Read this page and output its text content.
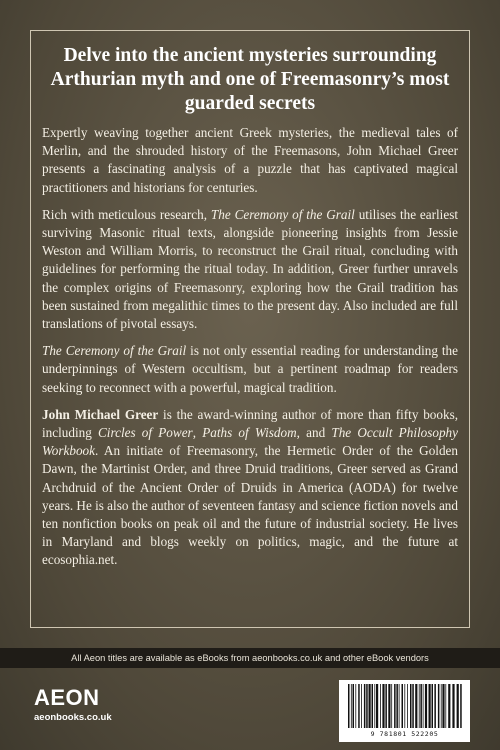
Delve into the ancient mysteries surrounding Arthurian myth and one of Freemasonry’s most guarded secrets

Expertly weaving together ancient Greek mysteries, the medieval tales of Merlin, and the shrouded history of the Freemasons, John Michael Greer presents a fascinating analysis of a puzzle that has captivated magical practitioners and historians for centuries.

Rich with meticulous research, The Ceremony of the Grail utilises the earliest surviving Masonic ritual texts, alongside pioneering insights from Jessie Weston and William Morris, to reconstruct the Grail ritual, concluding with guidelines for performing the ritual today. In addition, Greer further unravels the complex origins of Freemasonry, exploring how the Grail tradition has been sustained from megalithic times to the present day. Also included are full translations of pivotal essays.

The Ceremony of the Grail is not only essential reading for understanding the underpinnings of Western occultism, but a pertinent roadmap for readers seeking to reconnect with a powerful, magical tradition.

John Michael Greer is the award-winning author of more than fifty books, including Circles of Power, Paths of Wisdom, and The Occult Philosophy Workbook. An initiate of Freemasonry, the Hermetic Order of the Golden Dawn, the Martinist Order, and three Druid traditions, Greer served as Grand Archdruid of the Ancient Order of Druids in America (AODA) for twelve years. He is also the author of seventeen fantasy and science fiction novels and ten nonfiction books on peak oil and the future of industrial society. He lives in Maryland and blogs weekly on politics, magic, and the future at ecosophia.net.

All Aeon titles are available as eBooks from aeonbooks.co.uk and other eBook vendors
AEON
aeonbooks.co.uk
9 781801 522205
